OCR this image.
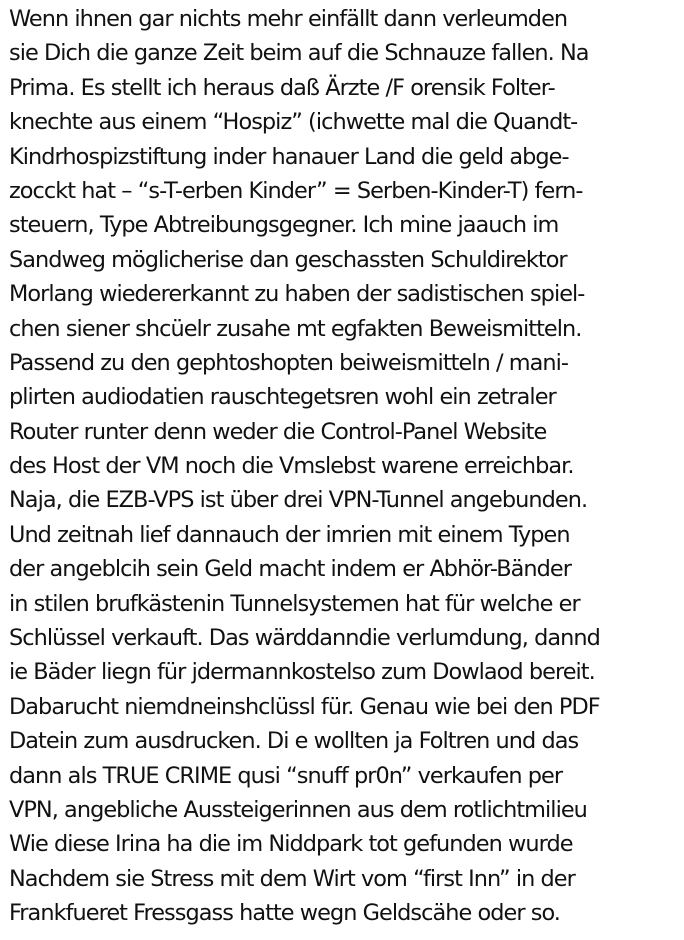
Wenn ihnen gar nichts mehr einfällt dann verleumden
sie Dich die ganze Zeit beim auf die Schnauze fallen. Na
Prima. Es stellt ich heraus daß Ärzte /F orensik Folter-
knechte aus einem “Hospiz” (ichwette mal die Quandt-
Kindrhospizstiftung inder hanauer Land die geld abge-
zocckt hat – “s-T-erben Kinder” = Serben-Kinder-T) fern-
steuern, Type Abtreibungsgegner. Ich mine jaauch im
Sandweg möglicherise dan geschassten Schuldirektor
Morlang wiedererkannt zu haben der sadistischen spiel-
chen siener shcüelr zusahe mt egfakten Beweismitteln.
Passend zu den gephtoshopten beiweismitteln / mani-
plirten audiodatien rauschtegetsren wohl ein zetraler
Router runter denn weder die Control-Panel Website
des Host der VM noch die Vmslebst warene erreichbar.
Naja, die EZB-VPS ist über drei VPN-Tunnel angebunden.
Und zeitnah lief dannauch der imrien mit einem Typen
der angeblcih sein Geld macht indem er Abhör-Bänder
in stilen brufkästenin Tunnelsystemen hat für welche er
Schlüssel verkauft. Das wärddanndie verlumdung, dannd
ie Bäder liegn für jdermannkostelso zum Dowlaod bereit.
Dabarucht niemdneinshclüssl für. Genau wie bei den PDF
Datein zum ausdrucken. Di e wollten ja Foltren und das
dann als TRUE CRIME qusi “snuff pr0n” verkaufen per
VPN, angebliche Aussteigerinnen aus dem rotlichtmilieu
Wie diese Irina ha die im Niddpark tot gefunden wurde
Nachdem sie Stress mit dem Wirt vom “first Inn” in der
Frankfueret Fressgass hatte wegn Geldscähe oder so.
